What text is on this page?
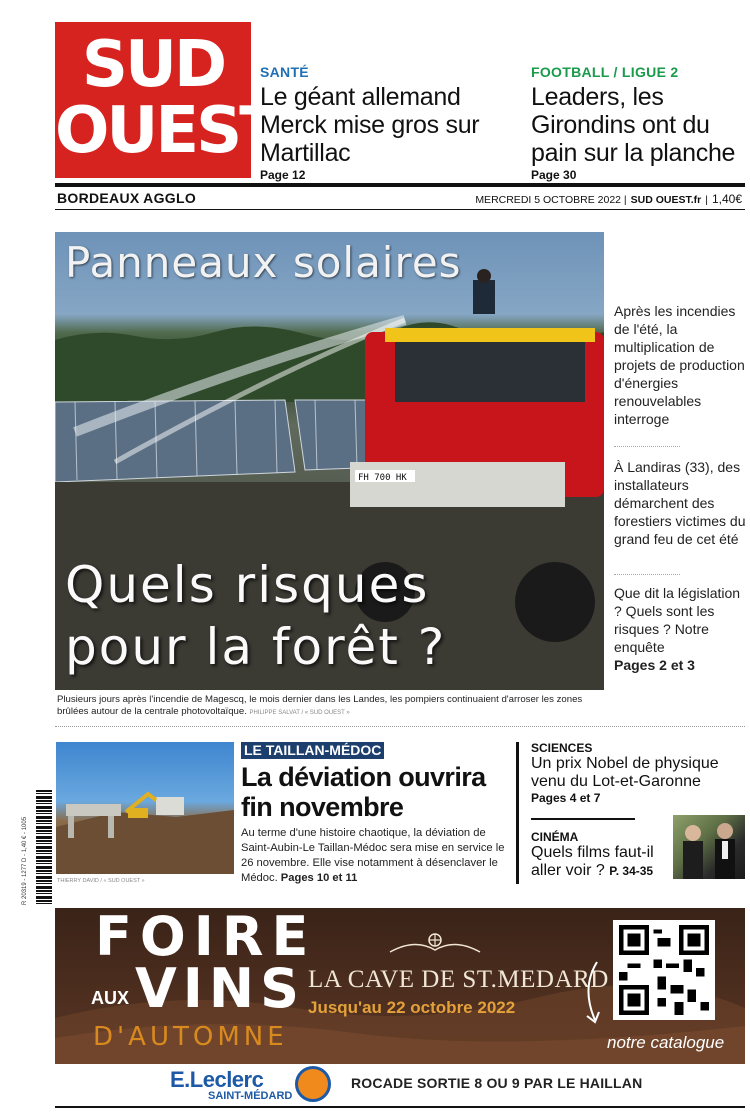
SUD
OUEST
SANTÉ
Le géant allemand Merck mise gros sur Martillac
Page 12
FOOTBALL / LIGUE 2
Leaders, les Girondins ont du pain sur la planche
Page 30
BORDEAUX AGGLO	MERCREDI 5 OCTOBRE 2022 | SUD OUEST.fr | 1,40€
FH 700 HK
Panneaux solaires
Quels risques
pour la forêt ?
Plusieurs jours après l'incendie de Magescq, le mois dernier dans les Landes, les pompiers continuaient d'arroser les zones brûlées autour de la centrale photovoltaïque. PHILIPPE SALVAT / « SUD OUEST »
Après les incendies de l'été, la multiplication de projets de production d'énergies renouvelables interroge
À Landiras (33), des installateurs démarchent des forestiers victimes du grand feu de cet été
Que dit la législation ? Quels sont les risques ? Notre enquête
Pages 2 et 3
THIERRY DAVID / « SUD OUEST »
LE TAILLAN-MÉDOC
La déviation ouvrira fin novembre
Au terme d'une histoire chaotique, la déviation de Saint-Aubin-Le Taillan-Médoc sera mise en service le 26 novembre. Elle vise notamment à désenclaver le Médoc. Pages 10 et 11
SCIENCES
Un prix Nobel de physique venu du Lot-et-Garonne
Pages 4 et 7
CINÉMA
Quels films faut-il aller voir ? P. 34-35
R 20319 - 1277 D - 1,40 € - 1005
FOIRE
AUX VINS
D'AUTOMNE
LA CAVE DE ST.MEDARD
Jusqu'au 22 octobre 2022
notre catalogue
E.Leclerc
SAINT-MÉDARD
ROCADE SORTIE 8 OU 9 PAR LE HAILLAN
